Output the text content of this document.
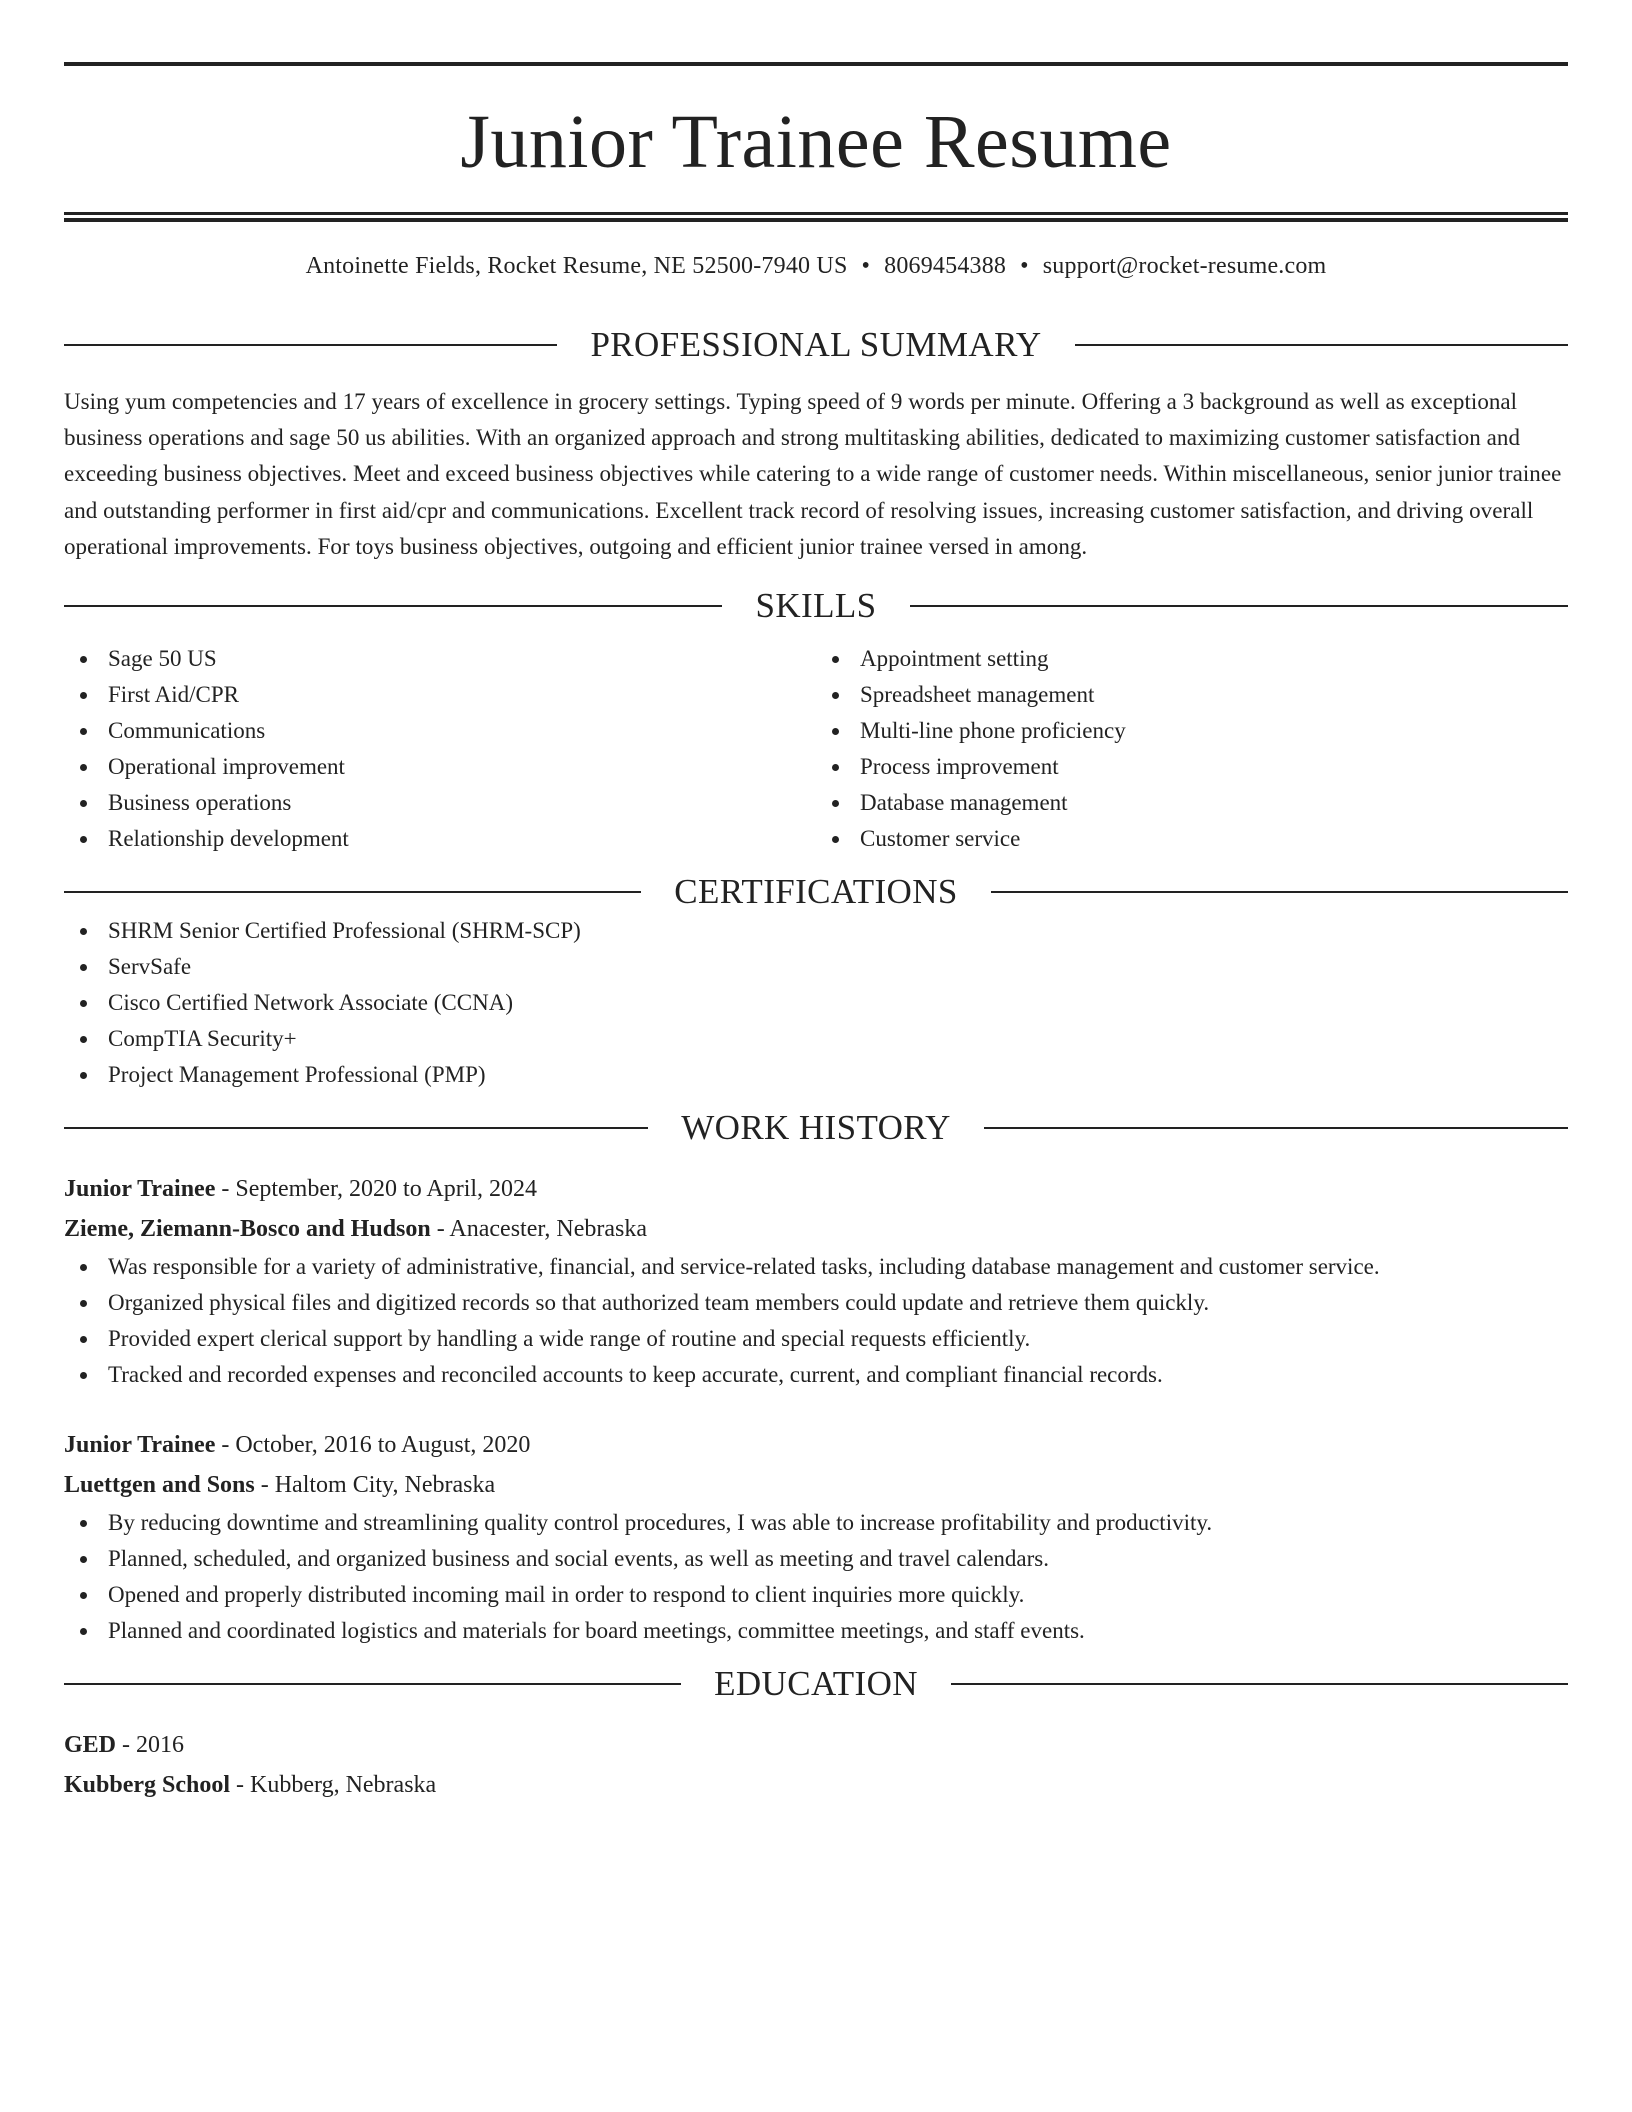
Junior Trainee Resume
Antoinette Fields, Rocket Resume, NE 52500-7940 US • 8069454388 • support@rocket-resume.com
PROFESSIONAL SUMMARY

Using yum competencies and 17 years of excellence in grocery settings. Typing speed of 9 words per minute. Offering a 3 background as well as exceptional business operations and sage 50 us abilities. With an organized approach and strong multitasking abilities, dedicated to maximizing customer satisfaction and exceeding business objectives. Meet and exceed business objectives while catering to a wide range of customer needs. Within miscellaneous, senior junior trainee and outstanding performer in first aid/cpr and communications. Excellent track record of resolving issues, increasing customer satisfaction, and driving overall operational improvements. For toys business objectives, outgoing and efficient junior trainee versed in among.

SKILLS
Sage 50 US
First Aid/CPR
Communications
Operational improvement
Business operations
Relationship development
Appointment setting
Spreadsheet management
Multi-line phone proficiency
Process improvement
Database management
Customer service
CERTIFICATIONS
SHRM Senior Certified Professional (SHRM-SCP)
ServSafe
Cisco Certified Network Associate (CCNA)
CompTIA Security+
Project Management Professional (PMP)
WORK HISTORY
Junior Trainee - September, 2020 to April, 2024
Zieme, Ziemann-Bosco and Hudson - Anacester, Nebraska
Was responsible for a variety of administrative, financial, and service-related tasks, including database management and customer service.
Organized physical files and digitized records so that authorized team members could update and retrieve them quickly.
Provided expert clerical support by handling a wide range of routine and special requests efficiently.
Tracked and recorded expenses and reconciled accounts to keep accurate, current, and compliant financial records.
Junior Trainee - October, 2016 to August, 2020
Luettgen and Sons - Haltom City, Nebraska
By reducing downtime and streamlining quality control procedures, I was able to increase profitability and productivity.
Planned, scheduled, and organized business and social events, as well as meeting and travel calendars.
Opened and properly distributed incoming mail in order to respond to client inquiries more quickly.
Planned and coordinated logistics and materials for board meetings, committee meetings, and staff events.
EDUCATION
GED - 2016
Kubberg School - Kubberg, Nebraska
